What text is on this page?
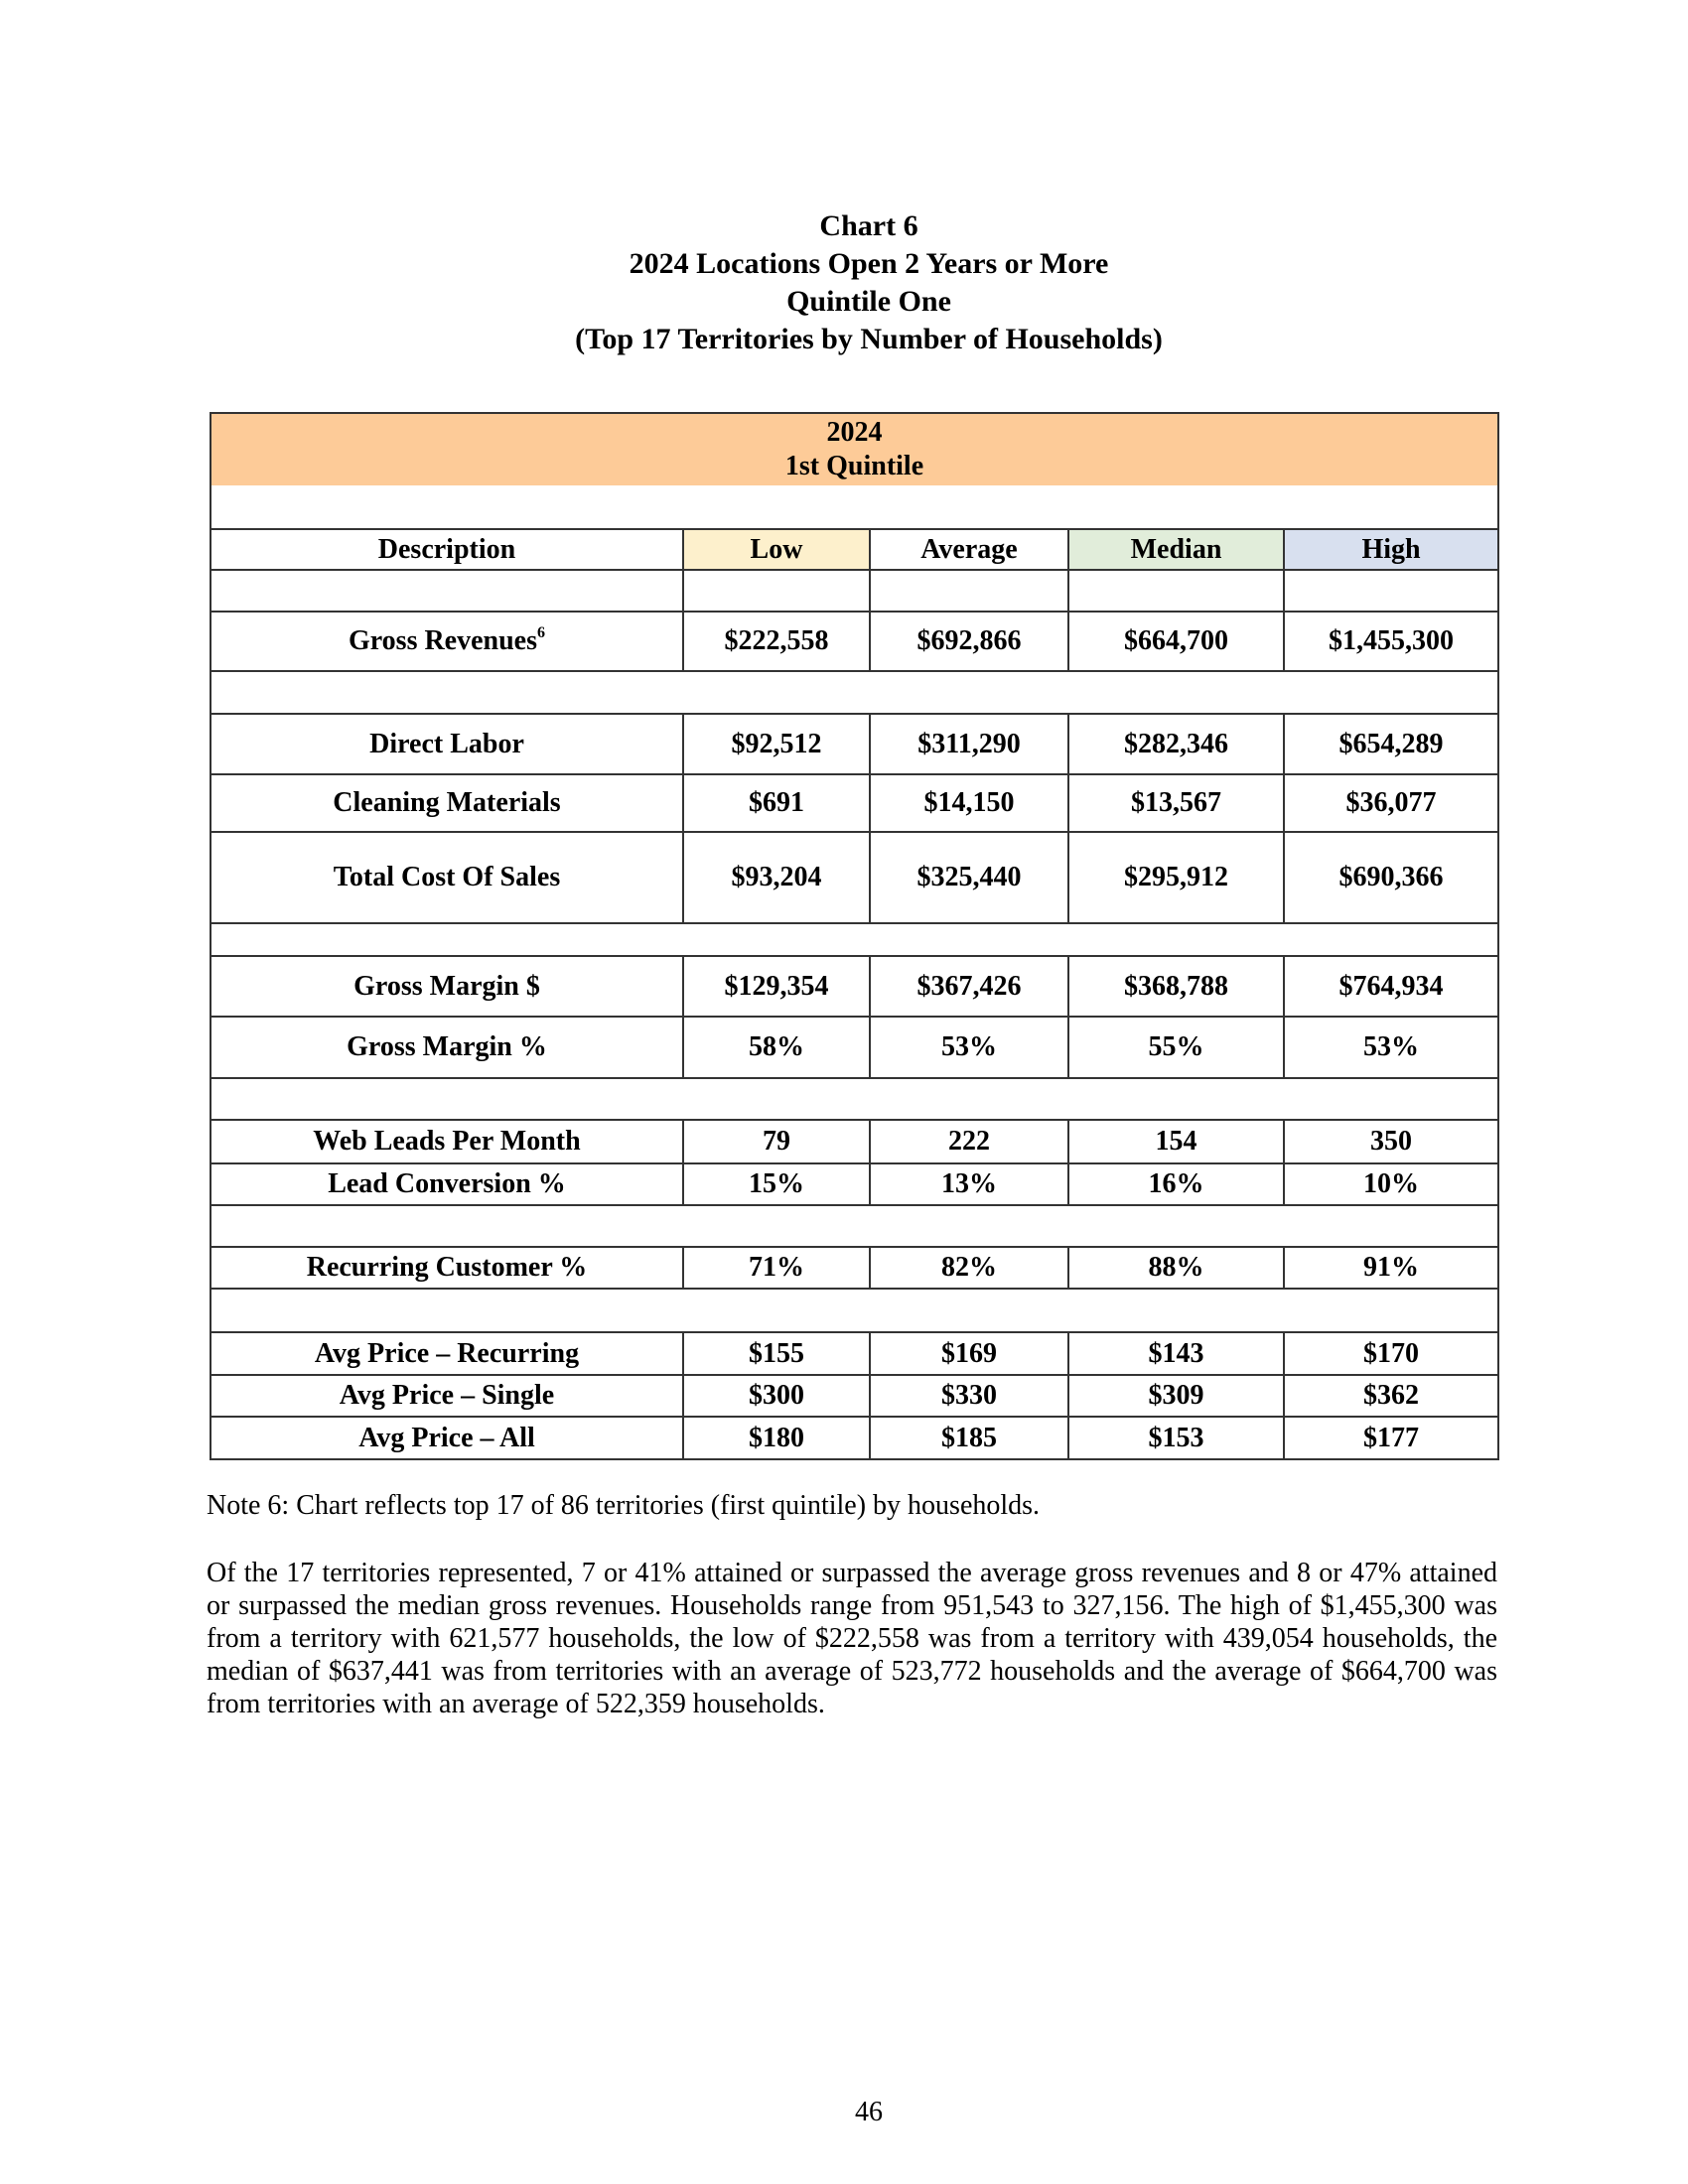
Chart 6
2024 Locations Open 2 Years or More
Quintile One
(Top 17 Territories by Number of Households)
2024
1st Quintile				

Description	Low	Average	Median	High

Gross Revenues$^6$	$222,558	$692,866	$664,700	$1,455,300

Direct Labor	$92,512	$311,290	$282,346	$654,289
Cleaning Materials	$691	$14,150	$13,567	$36,077
Total Cost Of Sales	$93,204	$325,440	$295,912	$690,366

Gross Margin $	$129,354	$367,426	$368,788	$764,934
Gross Margin %	58%	53%	55%	53%

Web Leads Per Month	79	222	154	350
Lead Conversion %	15%	13%	16%	10%

Recurring Customer %	71%	82%	88%	91%

Avg Price – Recurring	$155	$169	$143	$170
Avg Price – Single	$300	$330	$309	$362
Avg Price – All	$180	$185	$153	$177
Note 6: Chart reflects top 17 of 86 territories (first quintile) by households.
Of the 17 territories represented, 7 or 41% attained or surpassed the average gross revenues and 8 or 47% attained or surpassed the median gross revenues. Households range from 951,543 to 327,156. The high of $1,455,300 was from a territory with 621,577 households, the low of $222,558 was from a territory with 439,054 households, the median of $637,441 was from territories with an average of 523,772 households and the average of $664,700 was from territories with an average of 522,359 households.
46
